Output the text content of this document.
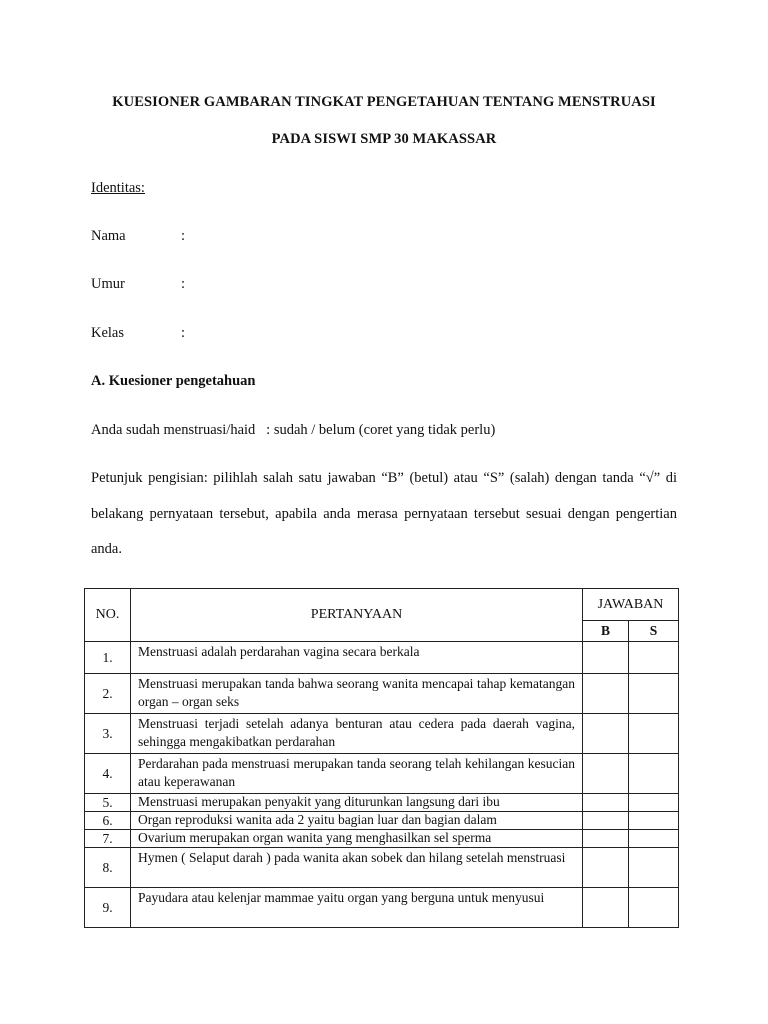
KUESIONER GAMBARAN TINGKAT PENGETAHUAN TENTANG MENSTRUASI
PADA SISWI SMP 30 MAKASSAR
Identitas:
Nama	:
Umur	:
Kelas	:
A. Kuesioner pengetahuan
Anda sudah menstruasi/haid   : sudah / belum (coret yang tidak perlu)
Petunjuk pengisian: pilihlah salah satu jawaban “B” (betul) atau “S” (salah) dengan tanda “√” di
belakang pernyataan tersebut, apabila anda merasa pernyataan tersebut sesuai dengan pengertian
anda.
NO.	PERTANYAAN	JAWABAN	
		B	S
1.	Menstruasi adalah perdarahan vagina secara berkala		
2.	Menstruasi merupakan tanda bahwa seorang wanita mencapai tahap kematangan organ – organ seks		
3.	Menstruasi terjadi setelah adanya benturan atau cedera pada daerah vagina, sehingga mengakibatkan perdarahan		
4.	Perdarahan pada menstruasi merupakan tanda seorang telah kehilangan kesucian atau keperawanan		
5.	Menstruasi merupakan penyakit yang diturunkan langsung dari ibu		
6.	Organ reproduksi wanita ada 2 yaitu bagian luar dan bagian dalam		
7.	Ovarium merupakan organ wanita yang menghasilkan sel sperma		
8.	Hymen ( Selaput darah ) pada wanita akan sobek dan hilang setelah menstruasi		
9.	Payudara atau kelenjar mammae yaitu organ yang berguna untuk menyusui		
